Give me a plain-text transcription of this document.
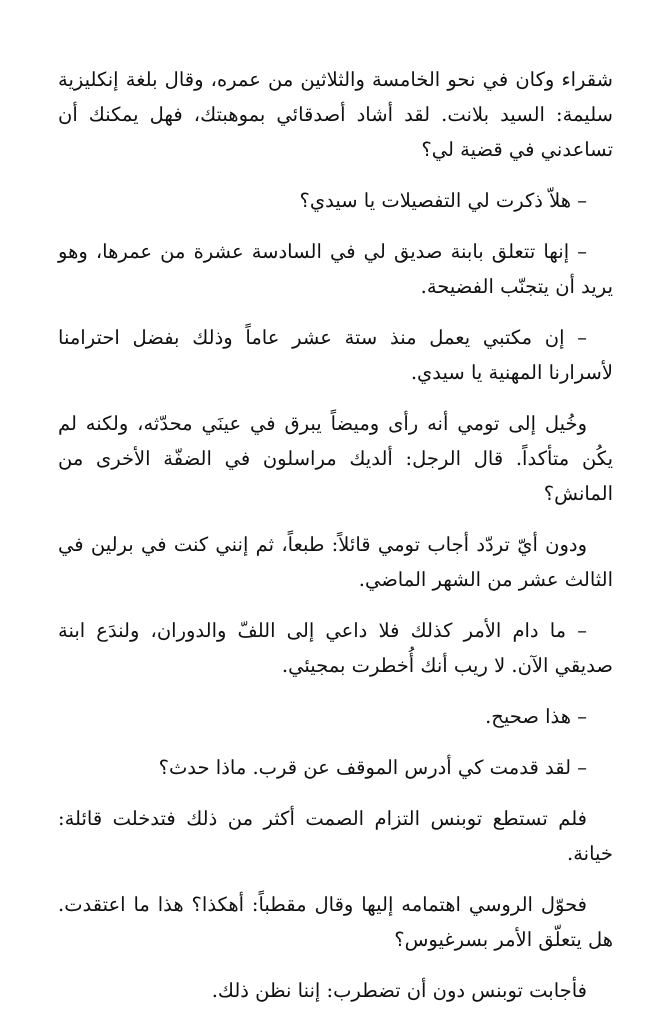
شقراء وكان في نحو الخامسة والثلاثين من عمره، وقال بلغة إنكليزية سليمة: السيد بلانت. لقد أشاد أصدقائي بموهبتك، فهل يمكنك أن تساعدني في قضية لي؟

– هلاّ ذكرت لي التفصيلات يا سيدي؟

– إنها تتعلق بابنة صديق لي في السادسة عشرة من عمرها، وهو يريد أن يتجنّب الفضيحة.

– إن مكتبي يعمل منذ ستة عشر عاماً وذلك بفضل احترامنا لأسرارنا المهنية يا سيدي.

وخُيل إلى تومي أنه رأى وميضاً يبرق في عينَي محدّثه، ولكنه لم يكُن متأكداً. قال الرجل: ألديك مراسلون في الضفّة الأخرى من المانش؟

ودون أيّ تردّد أجاب تومي قائلاً: طبعاً، ثم إنني كنت في برلين في الثالث عشر من الشهر الماضي.

– ما دام الأمر كذلك فلا داعي إلى اللفّ والدوران، ولندَع ابنة صديقي الآن. لا ريب أنك أُخطرت بمجيئي.

– هذا صحيح.

– لقد قدمت كي أدرس الموقف عن قرب. ماذا حدث؟

فلم تستطع توبنس التزام الصمت أكثر من ذلك فتدخلت قائلة: خيانة.

فحوّل الروسي اهتمامه إليها وقال مقطباً: أهكذا؟ هذا ما اعتقدت. هل يتعلّق الأمر بسرغيوس؟

فأجابت توبنس دون أن تضطرب: إننا نظن ذلك.
